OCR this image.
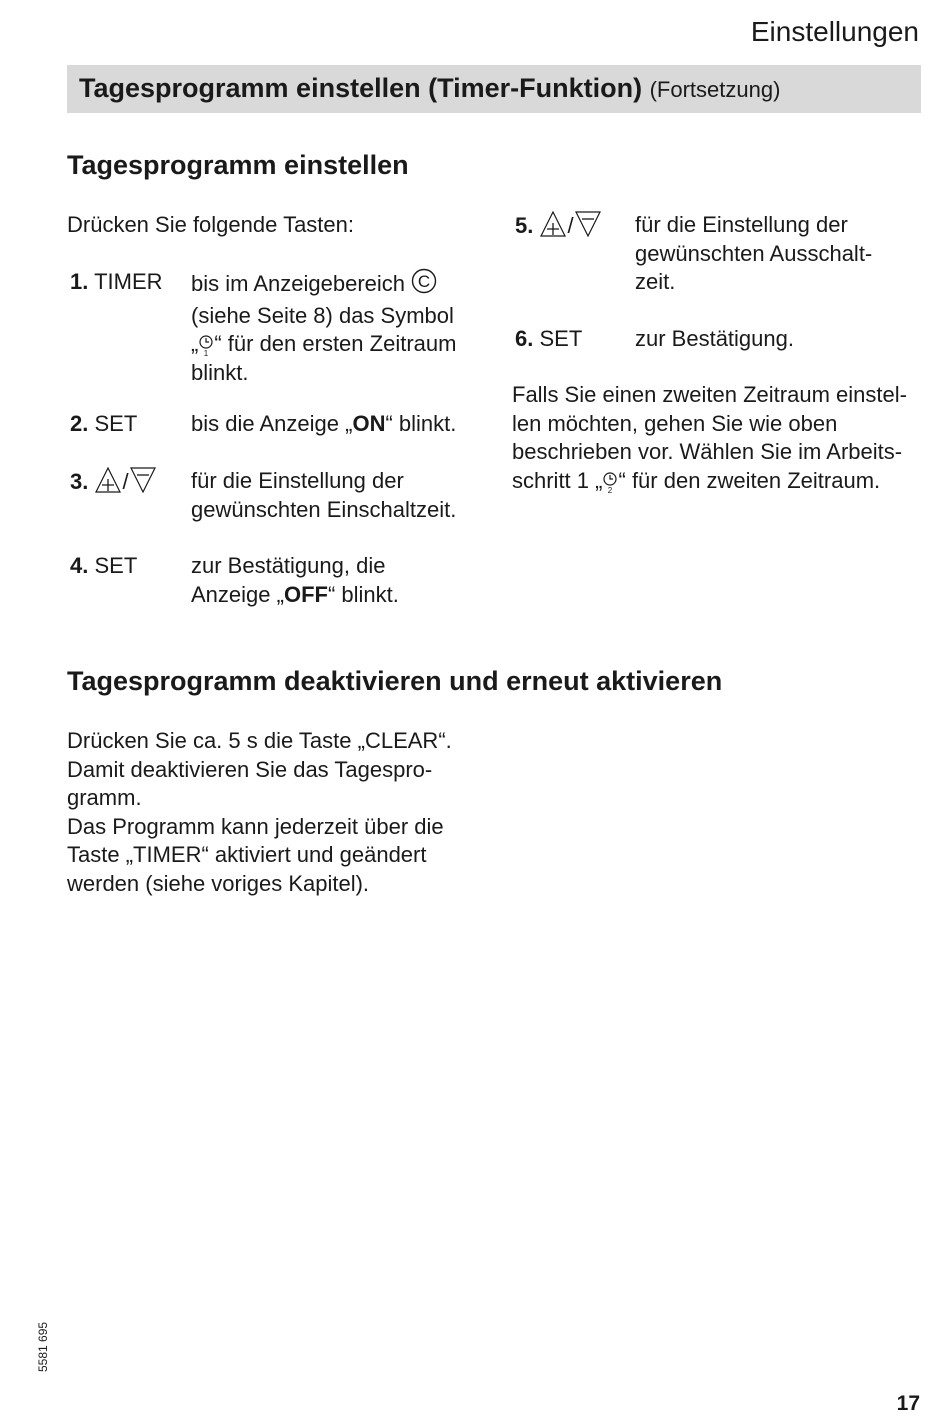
Einstellungen
Tagesprogramm einstellen (Timer-Funktion) (Fortsetzung)
Tagesprogramm einstellen
Drücken Sie folgende Tasten:
1. TIMER bis im Anzeigebereich C
(siehe Seite 8) das Symbol
„ 1 “ für den ersten Zeitraum
blinkt.
2. SET bis die Anzeige „ON“ blinkt.
3. /	für die Einstellung der
gewünschten Einschaltzeit.
4. SET zur Bestätigung, die
Anzeige „OFF“ blinkt.
5. /	für die Einstellung der
gewünschten Ausschalt-
zeit.
6. SET zur Bestätigung.
Falls Sie einen zweiten Zeitraum einstel-
len möchten, gehen Sie wie oben
beschrieben vor. Wählen Sie im Arbeits-
schritt 1 „ 2 “ für den zweiten Zeitraum.
Tagesprogramm deaktivieren und erneut aktivieren
Drücken Sie ca. 5 s die Taste „CLEAR“.
Damit deaktivieren Sie das Tagespro-
gramm.
Das Programm kann jederzeit über die
Taste „TIMER“ aktiviert und geändert
werden (siehe voriges Kapitel).
5581 695
17
